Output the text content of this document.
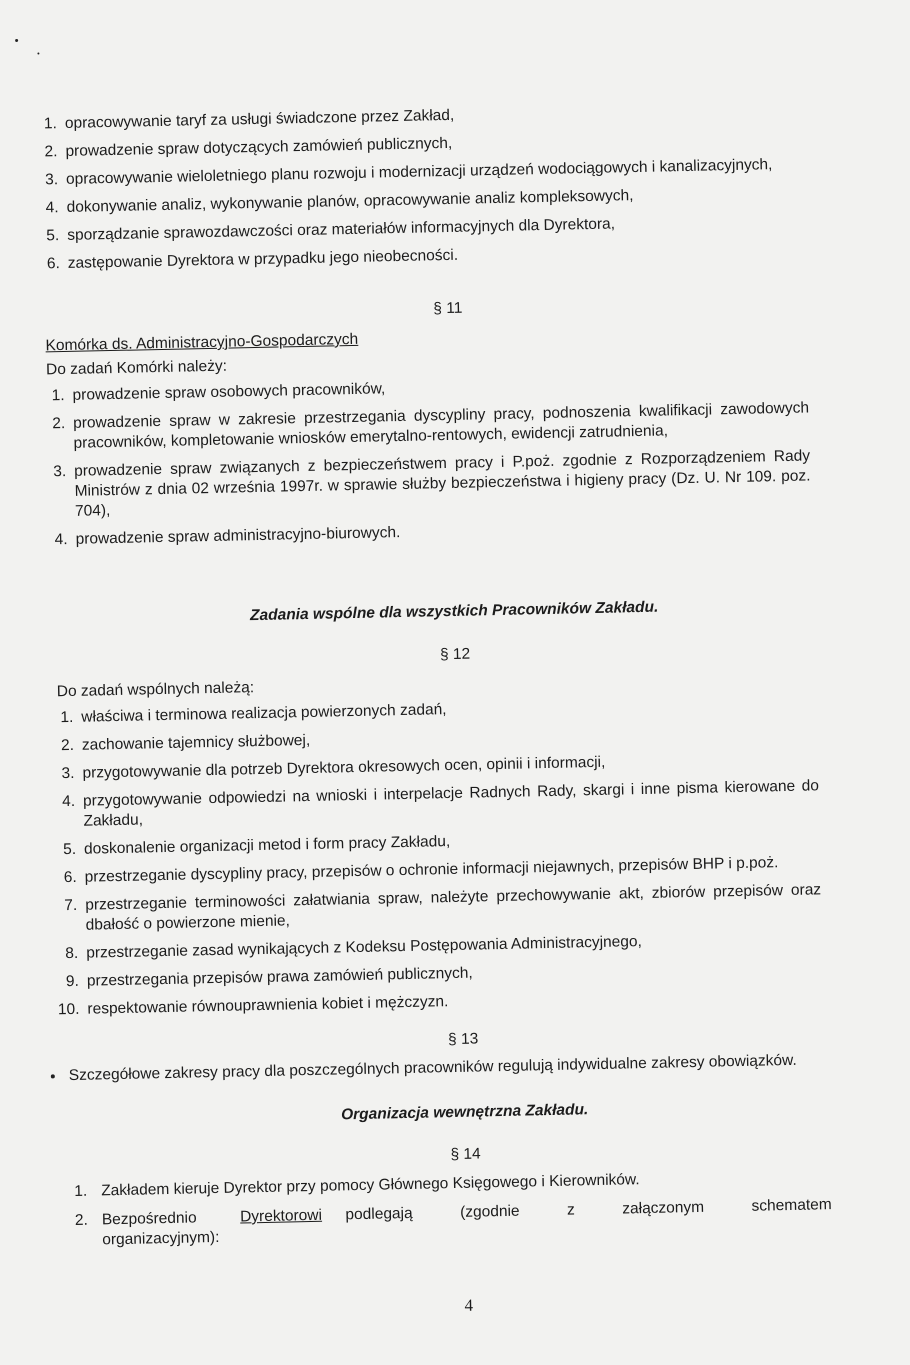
1. opracowywanie taryf za usługi świadczone przez Zakład,
2. prowadzenie spraw dotyczących zamówień publicznych,
3. opracowywanie wieloletniego planu rozwoju i modernizacji urządzeń wodociągowych i kanalizacyjnych,
4. dokonywanie analiz, wykonywanie planów, opracowywanie analiz kompleksowych,
5. sporządzanie sprawozdawczości oraz materiałów informacyjnych dla Dyrektora,
6. zastępowanie Dyrektora w przypadku jego nieobecności.
§ 11
Komórka ds. Administracyjno-Gospodarczych
Do zadań Komórki należy:
1. prowadzenie spraw osobowych pracowników,
2. prowadzenie spraw w zakresie przestrzegania dyscypliny pracy, podnoszenia kwalifikacji zawodowych pracowników, kompletowanie wniosków emerytalno-rentowych, ewidencji zatrudnienia,
3. prowadzenie spraw związanych z bezpieczeństwem pracy i P.poż. zgodnie z Rozporządzeniem Rady Ministrów z dnia 02 września 1997r. w sprawie służby bezpieczeństwa i higieny pracy (Dz. U. Nr 109. poz. 704),
4. prowadzenie spraw administracyjno-biurowych.
Zadania wspólne dla wszystkich Pracowników Zakładu.
§ 12
Do zadań wspólnych należą:
1. właściwa i terminowa realizacja powierzonych zadań,
2. zachowanie tajemnicy służbowej,
3. przygotowywanie dla potrzeb Dyrektora okresowych ocen, opinii i informacji,
4. przygotowywanie odpowiedzi na wnioski i interpelacje Radnych Rady, skargi i inne pisma kierowane do Zakładu,
5. doskonalenie organizacji metod i form pracy Zakładu,
6. przestrzeganie dyscypliny pracy, przepisów o ochronie informacji niejawnych, przepisów BHP i p.poż.
7. przestrzeganie terminowości załatwiania spraw, należyte przechowywanie akt, zbiorów przepisów oraz dbałość o powierzone mienie,
8. przestrzeganie zasad wynikających z Kodeksu Postępowania Administracyjnego,
9. przestrzegania przepisów prawa zamówień publicznych,
10. respektowanie równouprawnienia kobiet i mężczyzn.
§ 13
Szczegółowe zakresy pracy dla poszczególnych pracowników regulują indywidualne zakresy obowiązków.
Organizacja wewnętrzna Zakładu.
§ 14
1. Zakładem kieruje Dyrektor przy pomocy Głównego Księgowego i Kierowników.
2. Bezpośrednio	Dyrektorowi podlegają (zgodnie z załączonym schematem organizacyjnym):
4
